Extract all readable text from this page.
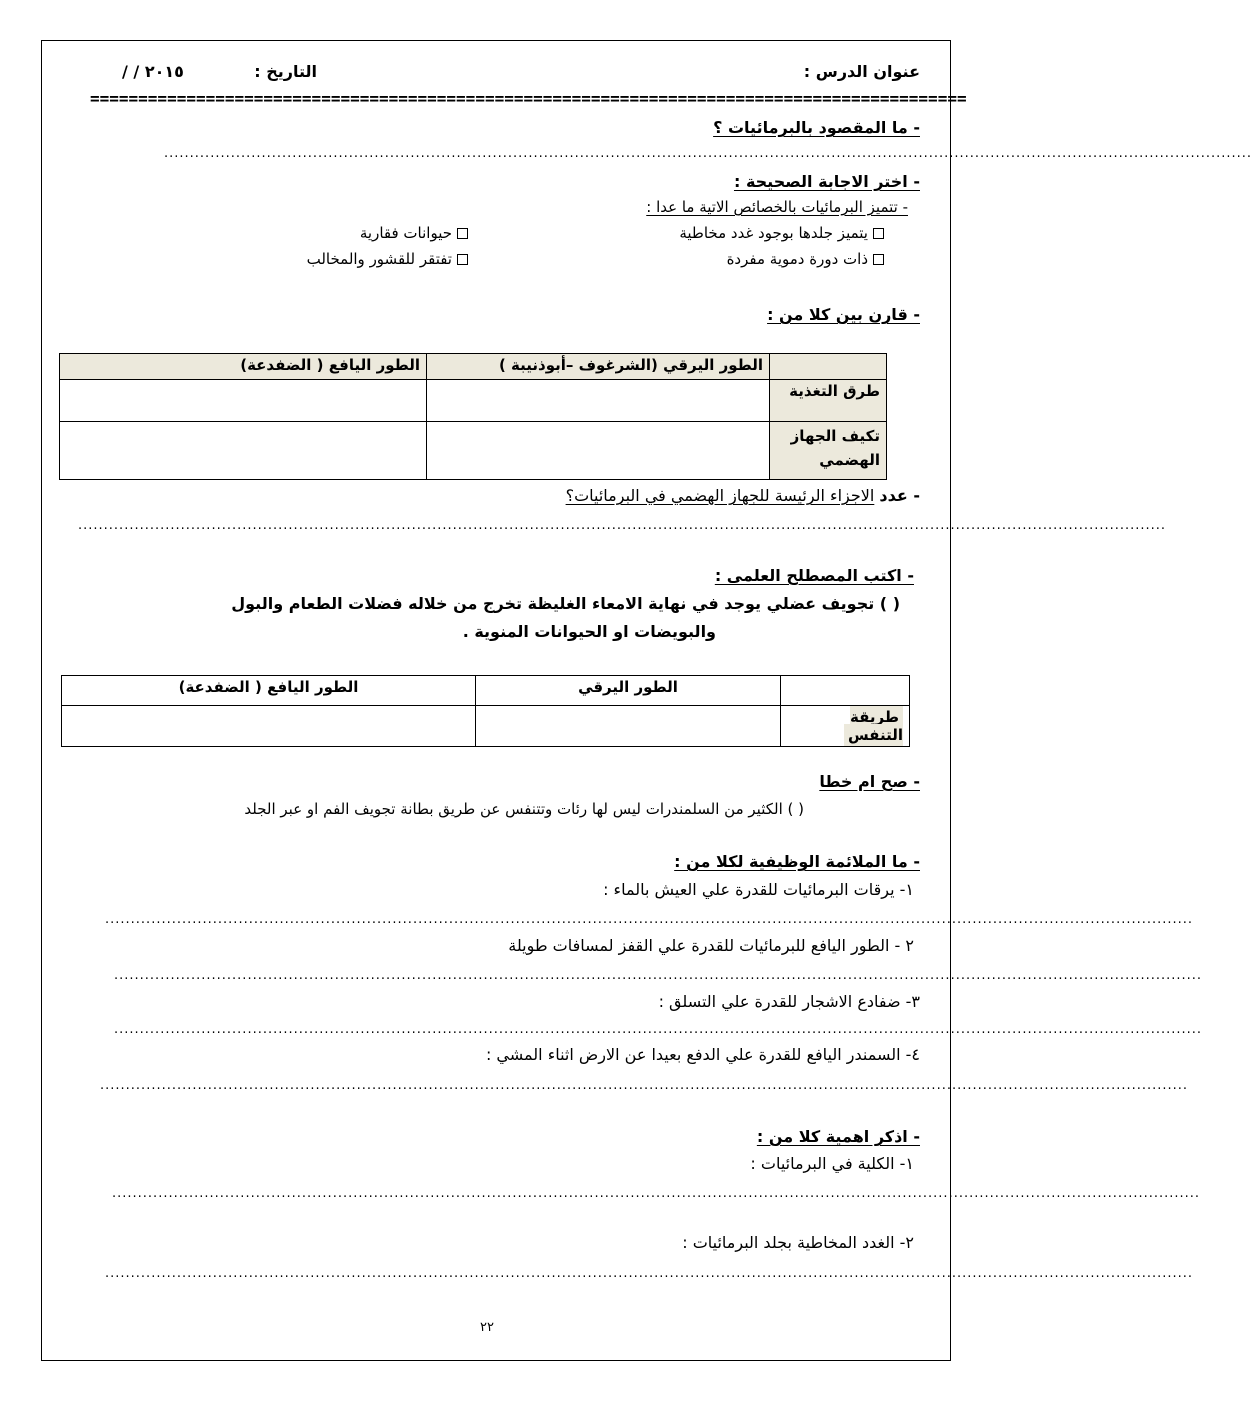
عنوان الدرس :
التاريخ :
/ / ٢٠١٥
===========================================================================================
- ما المقصود بالبرمائيات ؟
....................................................................................................................................................................................................................
- اختر الاجابة الصحيحة :
- تتميز البرمائيات بالخصائص الاتية ما عدا :
يتميز جلدها بوجود غدد مخاطية
حيوانات فقارية
ذات دورة دموية مفردة
تفتقر للقشور والمخالب
- قارن بين كلا من :
	الطور اليرقي (الشرغوف –أبوذنيبة )	الطور اليافع ( الضفدعة)
طرق التغذية		
تكيف الجهاز الهضمي		
- عدد الاجزاء الرئيسة للجهاز الهضمي في البرمائيات؟
....................................................................................................................................................................................................................
- اكتب المصطلح العلمى :
( ) تجويف عضلي يوجد في نهاية الامعاء الغليظة تخرج من خلاله فضلات الطعام والبول
والبويضات او الحيوانات المنوية .
	الطور اليرقي	الطور اليافع ( الضفدعة)
طريقة التنفس		
- صح ام خطا
( ) الكثير من السلمندرات ليس لها رئات وتتنفس عن طريق بطانة تجويف الفم او عبر الجلد
- ما الملائمة الوظيفية لكلا من :
١- يرقات البرمائيات للقدرة علي العيش بالماء :
....................................................................................................................................................................................................................
٢ - الطور اليافع للبرمائيات للقدرة علي القفز لمسافات طويلة
....................................................................................................................................................................................................................
٣- ضفادع الاشجار للقدرة علي التسلق :
....................................................................................................................................................................................................................
٤- السمندر اليافع للقدرة علي الدفع بعيدا عن الارض اثناء المشي :
....................................................................................................................................................................................................................
- اذكر اهمية كلا من :
١- الكلية في البرمائيات :
....................................................................................................................................................................................................................
٢- الغدد المخاطية بجلد البرمائيات :
....................................................................................................................................................................................................................
٢٢
